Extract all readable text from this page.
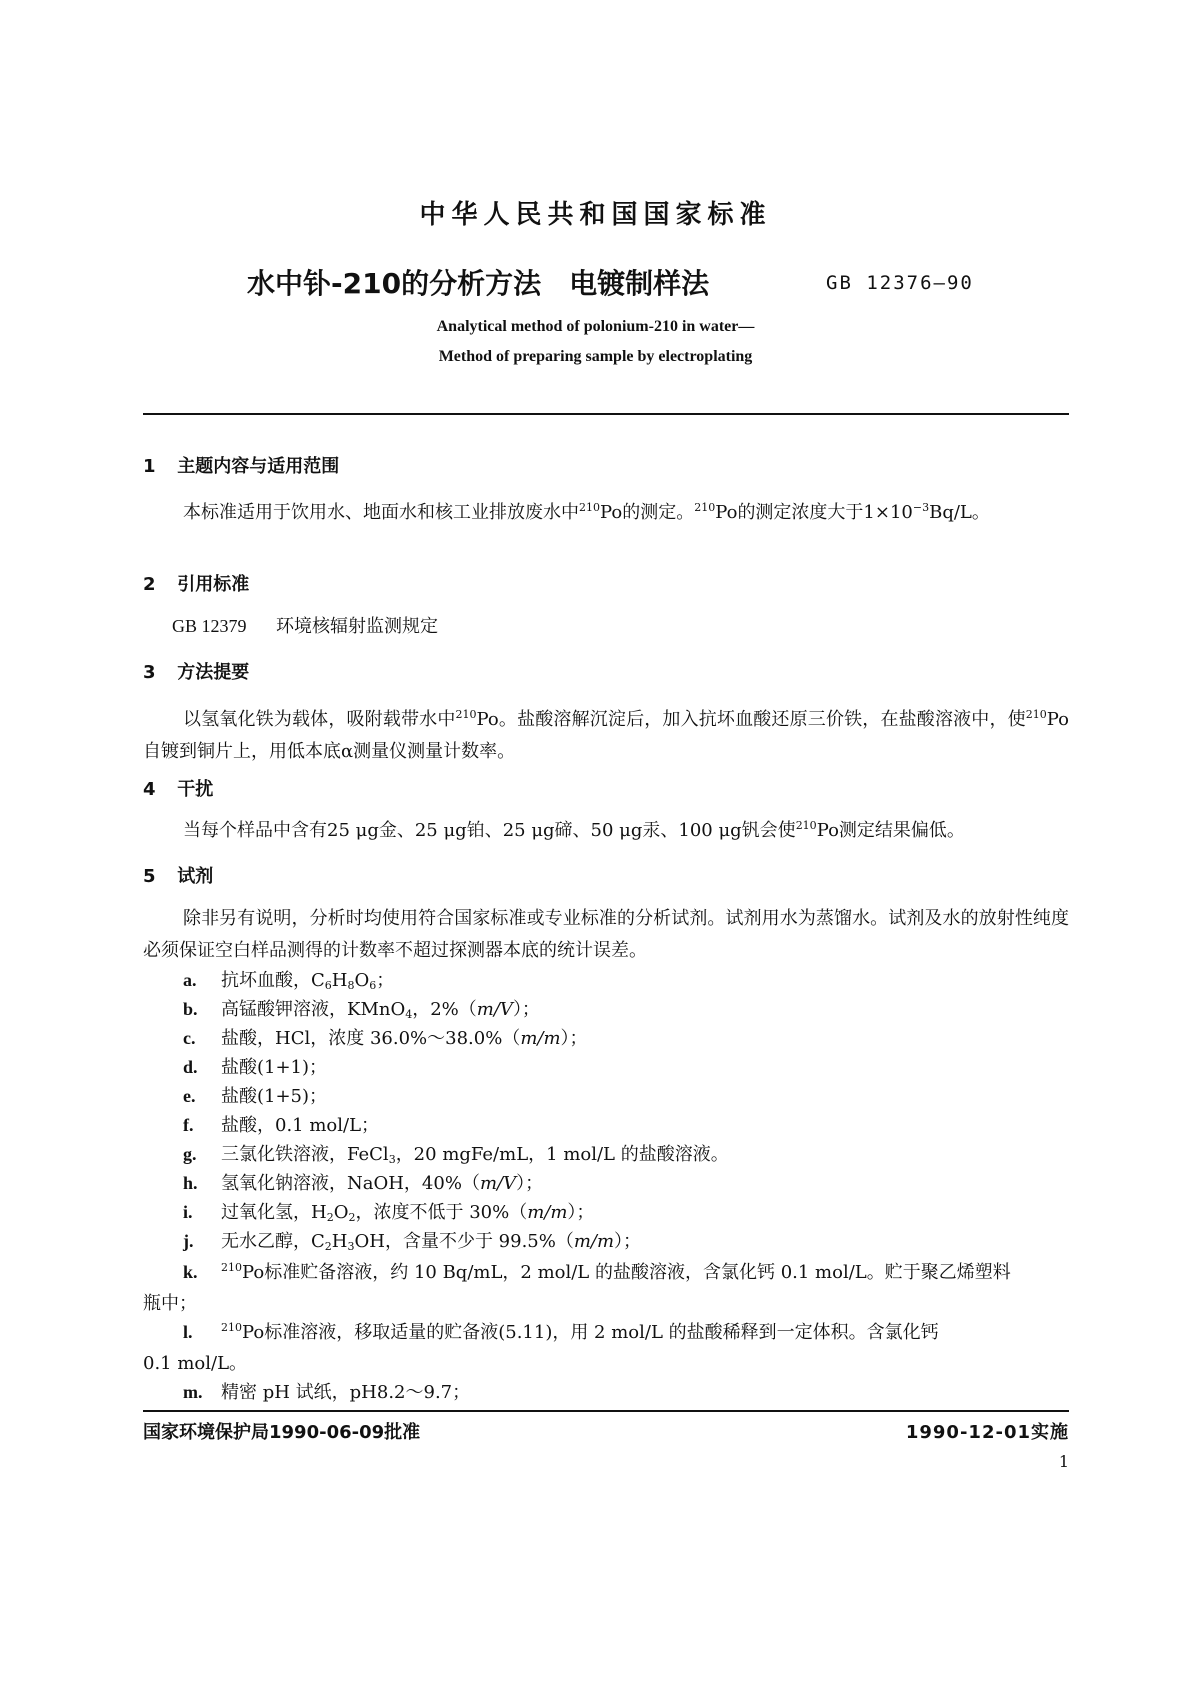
中华人民共和国国家标准
水中钋-210的分析方法　电镀制样法	GB 12376—90
Analytical method of polonium-210 in water—
Method of preparing sample by electroplating
1 主题内容与适用范围
本标准适用于饮用水、地面水和核工业排放废水中$^{210}$Po的测定。$^{210}$Po的测定浓度大于$1\times 10^{-3}Bq/L$。
2 引用标准
GB 12379 环境核辐射监测规定
3 方法提要
以氢氧化铁为载体，吸附载带水中$^{210}$Po。盐酸溶解沉淀后，加入抗坏血酸还原三价铁，在盐酸溶液中，使$^{210}$Po自镀到铜片上，用低本底α测量仪测量计数率。
4 干扰
当每个样品中含有25 μg金、25 μg铂、25 μg碲、50 μg汞、100 μg钒会使$^{210}$Po测定结果偏低。
5 试剂
除非另有说明，分析时均使用符合国家标准或专业标准的分析试剂。试剂用水为蒸馏水。试剂及水的放射性纯度必须保证空白样品测得的计数率不超过探测器本底的统计误差。
a. 抗坏血酸，$C_6H_8O_6$；
b. 高锰酸钾溶液，KMnO$_4$，2%（m/V）；
c. 盐酸，HCl，浓度 36.0%～38.0%（m/m）；
d. 盐酸(1+1)；
e. 盐酸(1+5)；
f. 盐酸，0.1 mol/L；
g. 三氯化铁溶液，FeCl$_3$，20 mgFe/mL，1 mol/L 的盐酸溶液。
h. 氢氧化钠溶液，NaOH，40%（m/V）；
i. 过氧化氢，$H_2O_2$，浓度不低于 30%（m/m）；
j. 无水乙醇，$C_2H_3OH$，含量不少于 99.5%（m/m）；
k. $^{210}$Po标准贮备溶液，约 10 Bq/mL，2 mol/L 的盐酸溶液，含氯化钙 0.1 mol/L。贮于聚乙烯塑料
瓶中；
l.	$^{210}$Po标准溶液，移取适量的贮备液(5.11)，用 2 mol/L 的盐酸稀释到一定体积。含氯化钙
0.1 mol/L。
m. 精密 pH 试纸，pH8.2～9.7；
国家环境保护局1990-06-09批准	1990-12-01实施
1
